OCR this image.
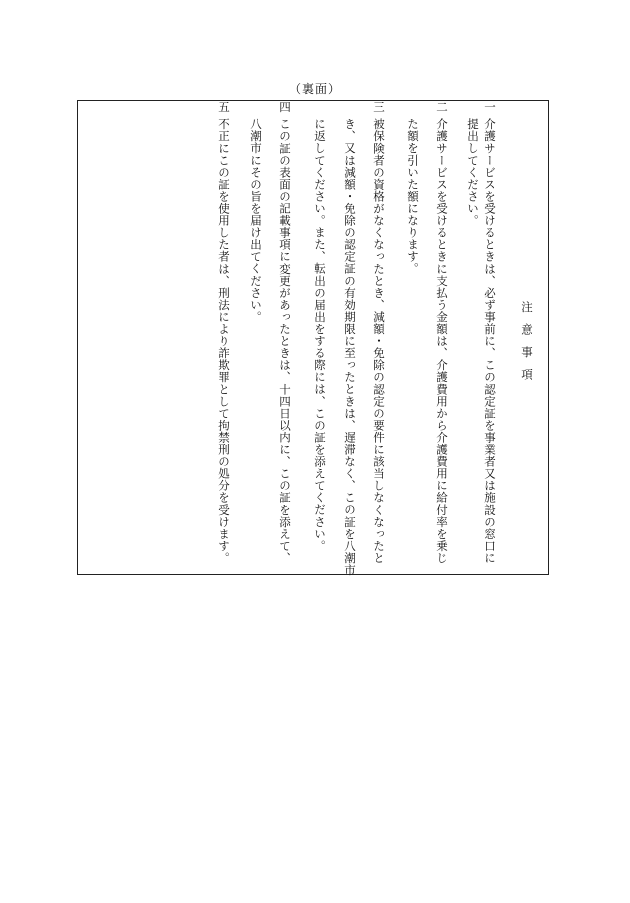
（裏面）
注意事項
一介護サービスを受けるときは、必ず事前に、この認定証を事業者又は施設の窓口に
提出してください。
二介護サービスを受けるときに支払う金額は、介護費用から介護費用に給付率を乗じ
た額を引いた額になります。
三被保険者の資格がなくなったとき、減額・免除の認定の要件に該当しなくなったと
き、又は減額・免除の認定証の有効期限に至ったときは、遅滞なく、この証を八潮市
に返してください。また、転出の届出をする際には、この証を添えてください。
四この証の表面の記載事項に変更があったときは、十四日以内に、この証を添えて、
八潮市にその旨を届け出てください。
五不正にこの証を使用した者は、刑法により詐欺罪として拘禁刑の処分を受けます。
